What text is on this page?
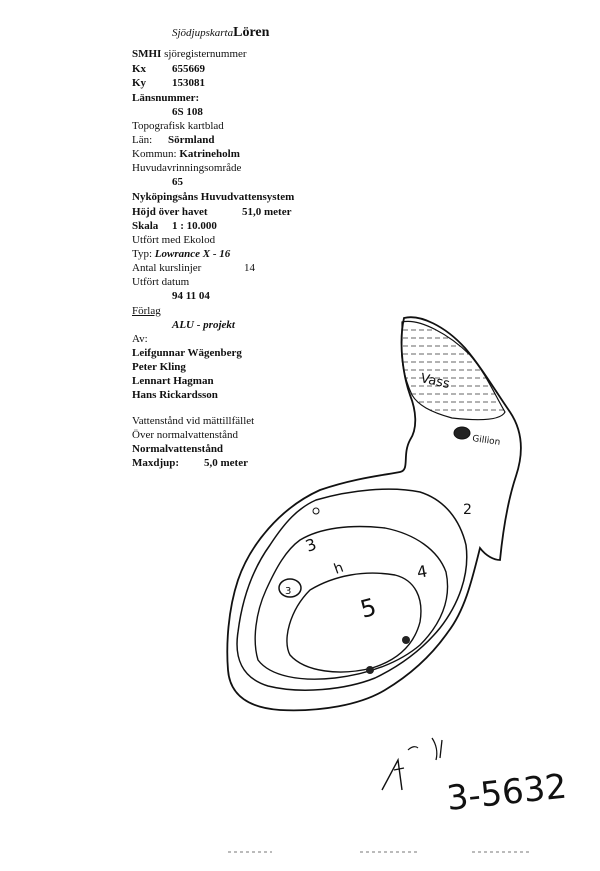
SjödjupskartaLören
SMHI sjöregisternummer
Kx 655669
Ky 153081
Länsnummer:
6S 108
Topografisk kartblad
Län: Sörmland
Kommun: Katrineholm
Huvudavrinningsområde
65
Nyköpingsåns Huvudvattensystem
Höjd över havet	51,0 meter
Skala 1 : 10.000
Utfört med Ekolod
Typ: Lowrance X - 16
Antal kurslinjer	14
Utfört datum
94 11 04
Förlag
ALU - projekt
Av:
Leifgunnar Wägenberg
Peter Kling
Lennart Hagman
Hans Rickardsson
Vattenstånd vid mättillfället
Över normalvattenstånd
Normalvattenstånd
Maxdjup: 5,0 meter
Vass
Gillion
2
3
4
5
3
h
3-5632
